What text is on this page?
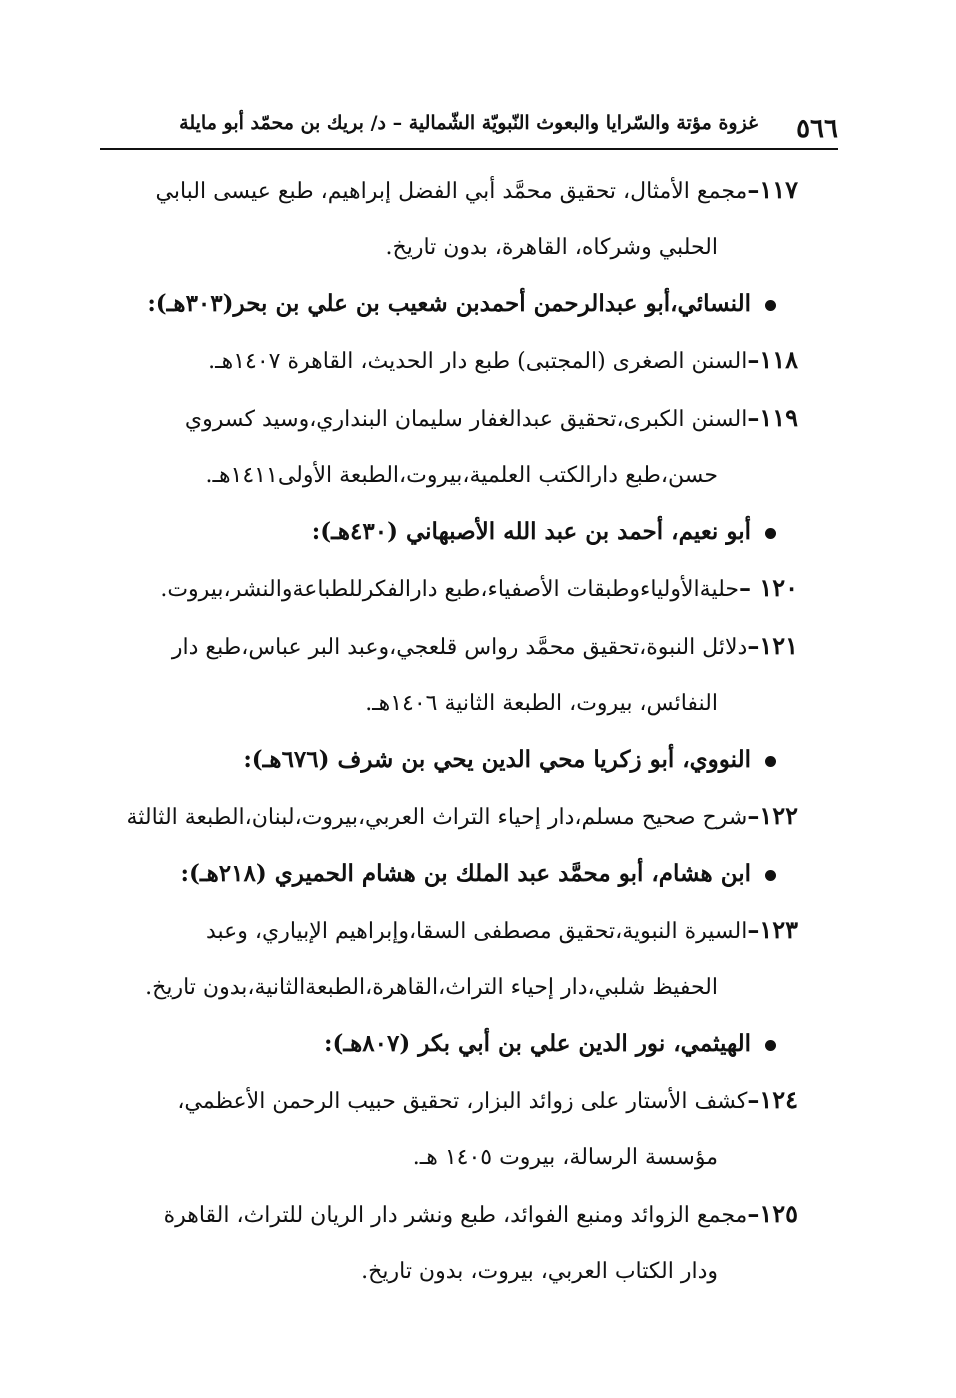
٥٦٦
غزوة مؤتة والسّرايا والبعوث النّبويّة الشّمالية – د/ بريك بن محمّد أبو مايلة

١١٧–مجمع الأمثال، تحقيق محمَّد أبي الفضل إبراهيم، طبع عيسى البابي
الحلبي وشركاه، القاهرة، بدون تاريخ.

النسائي،أبو عبدالرحمن أحمدبن شعيب بن علي بن بحر(٣٠٣هـ):

١١٨–السنن الصغرى (المجتبى) طبع دار الحديث، القاهرة ١٤٠٧هـ.

١١٩–السنن الكبرى،تحقيق عبدالغفار سليمان البنداري،وسيد كسروي
حسن،طبع دارالكتب العلمية،بيروت،الطبعة الأولى١٤١١هـ.

أبو نعيم، أحمد بن عبد الله الأصبهاني (٤٣٠هـ):

١٢٠ –حليةالأولياءوطبقات الأصفياء،طبع دارالفكرللطباعةوالنشر،بيروت.

١٢١–دلائل النبوة،تحقيق محمَّد رواس قلعجي،وعبد البر عباس،طبع دار
النفائس، بيروت، الطبعة الثانية ١٤٠٦هـ.

النووي، أبو زكريا محي الدين يحي بن شرف (٦٧٦هـ):

١٢٢–شرح صحيح مسلم،دار إحياء التراث العربي،بيروت،لبنان،الطبعة الثالثة

ابن هشام، أبو محمَّد عبد الملك بن هشام الحميري (٢١٨هـ):

١٢٣–السيرة النبوية،تحقيق مصطفى السقا،وإبراهيم الإبياري، وعبد
الحفيظ شلبي،دار إحياء التراث،القاهرة،الطبعةالثانية،بدون تاريخ.

الهيثمي، نور الدين علي بن أبي بكر (٨٠٧هـ):

١٢٤–كشف الأستار على زوائد البزار، تحقيق حبيب الرحمن الأعظمي،
مؤسسة الرسالة، بيروت ١٤٠٥ هـ.

١٢٥–مجمع الزوائد ومنبع الفوائد، طبع ونشر دار الريان للتراث، القاهرة
ودار الكتاب العربي، بيروت، بدون تاريخ.
